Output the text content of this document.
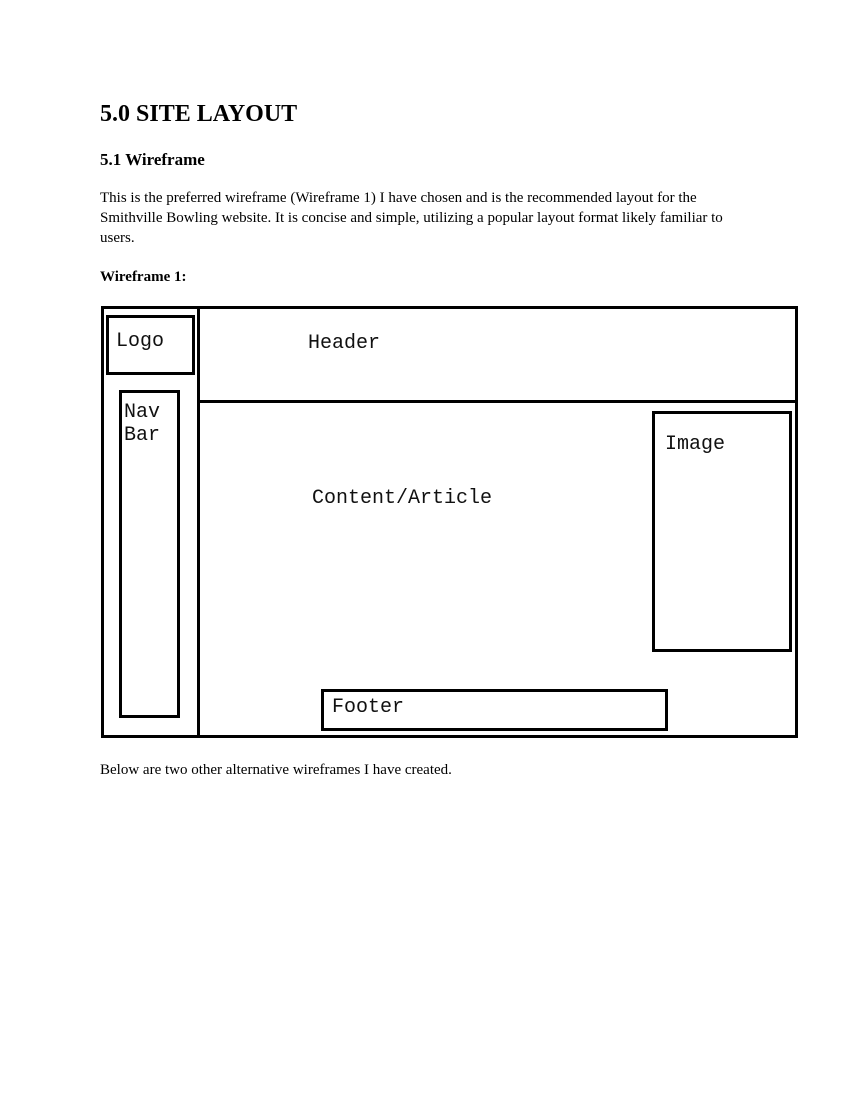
5.0 SITE LAYOUT
5.1 Wireframe

This is the preferred wireframe (Wireframe 1) I have chosen and is the recommended layout for the Smithville Bowling website. It is concise and simple, utilizing a popular layout format likely familiar to users.

Wireframe 1:

Logo	Header
Nav
Bar
Content/Article
Image
Footer

Below are two other alternative wireframes I have created.
